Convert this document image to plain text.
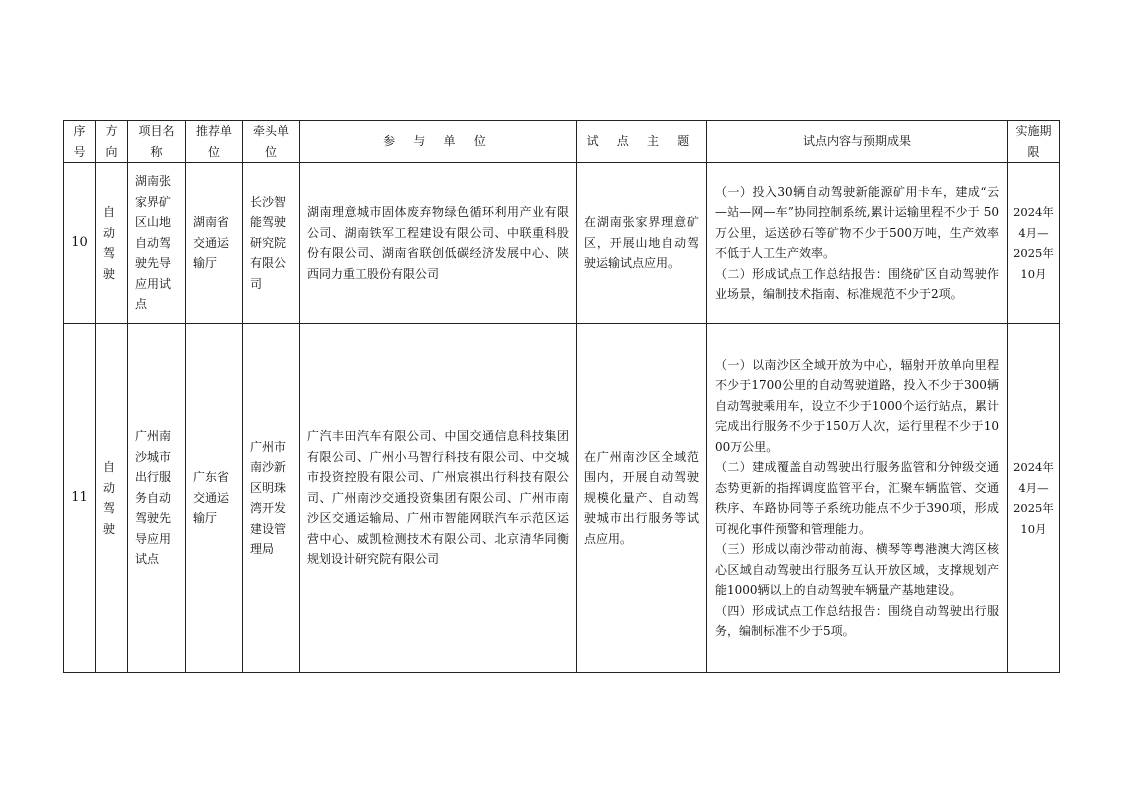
序号	方向	项目名称	推荐单位	牵头单位	参 与 单 位	试 点 主 题	试点内容与预期成果	实施期限
10	自动驾驶	湖南张家界矿区山地自动驾驶先导应用试点	湖南省交通运输厅	长沙智能驾驶研究院有限公司	湖南理意城市固体废弃物绿色循环利用产业有限公司、湖南铁军工程建设有限公司、中联重科股份有限公司、湖南省联创低碳经济发展中心、陕西同力重工股份有限公司	在湖南张家界理意矿区，开展山地自动驾驶运输试点应用。	（一）投入30辆自动驾驶新能源矿用卡车，建成“云—站—网—车”协同控制系统,累计运输里程不少于 50万公里，运送砂石等矿物不少于500万吨，生产效率不低于人工生产效率。
（二）形成试点工作总结报告：围绕矿区自动驾驶作业场景，编制技术指南、标准规范不少于2项。	2024年4月—2025年10月
11	自动驾驶	广州南沙城市出行服务自动驾驶先导应用试点	广东省交通运输厅	广州市南沙新区明珠湾开发建设管理局	广汽丰田汽车有限公司、中国交通信息科技集团有限公司、广州小马智行科技有限公司、中交城市投资控股有限公司、广州宸祺出行科技有限公司、广州南沙交通投资集团有限公司、广州市南沙区交通运输局、广州市智能网联汽车示范区运营中心、威凯检测技术有限公司、北京清华同衡规划设计研究院有限公司	在广州南沙区全域范围内，开展自动驾驶规模化量产、自动驾驶城市出行服务等试点应用。	（一）以南沙区全域开放为中心，辐射开放单向里程不少于1700公里的自动驾驶道路，投入不少于300辆自动驾驶乘用车，设立不少于1000个运行站点，累计完成出行服务不少于150万人次，运行里程不少于1000万公里。
（二）建成覆盖自动驾驶出行服务监管和分钟级交通态势更新的指挥调度监管平台，汇聚车辆监管、交通秩序、车路协同等子系统功能点不少于390项，形成可视化事件预警和管理能力。
（三）形成以南沙带动前海、横琴等粤港澳大湾区核心区域自动驾驶出行服务互认开放区域，支撑规划产能1000辆以上的自动驾驶车辆量产基地建设。
（四）形成试点工作总结报告：围绕自动驾驶出行服务，编制标准不少于5项。	2024年4月—2025年10月
